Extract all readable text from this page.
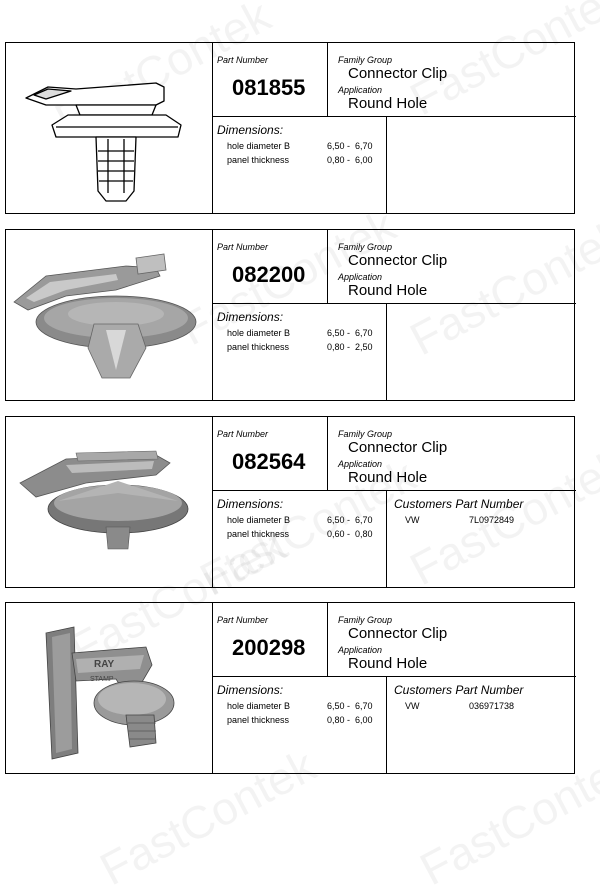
Part Number
081855
Family Group
Connector Clip
Application
Round Hole
Dimensions:
hole diameter B	6,50 -  6,70
panel thickness	0,80 -  6,00
Part Number
082200
Family Group
Connector Clip
Application
Round Hole
Dimensions:
hole diameter B	6,50 -  6,70
panel thickness	0,80 -  2,50
Part Number
082564
Family Group
Connector Clip
Application
Round Hole
Dimensions:
hole diameter B	6,50 -  6,70
panel thickness	0,60 -  0,80
Customers Part Number
VW	7L0972849
RAY
STAMP
Part Number
200298
Family Group
Connector Clip
Application
Round Hole
Dimensions:
hole diameter B	6,50 -  6,70
panel thickness	0,80 -  6,00
Customers Part Number
VW	036971738
